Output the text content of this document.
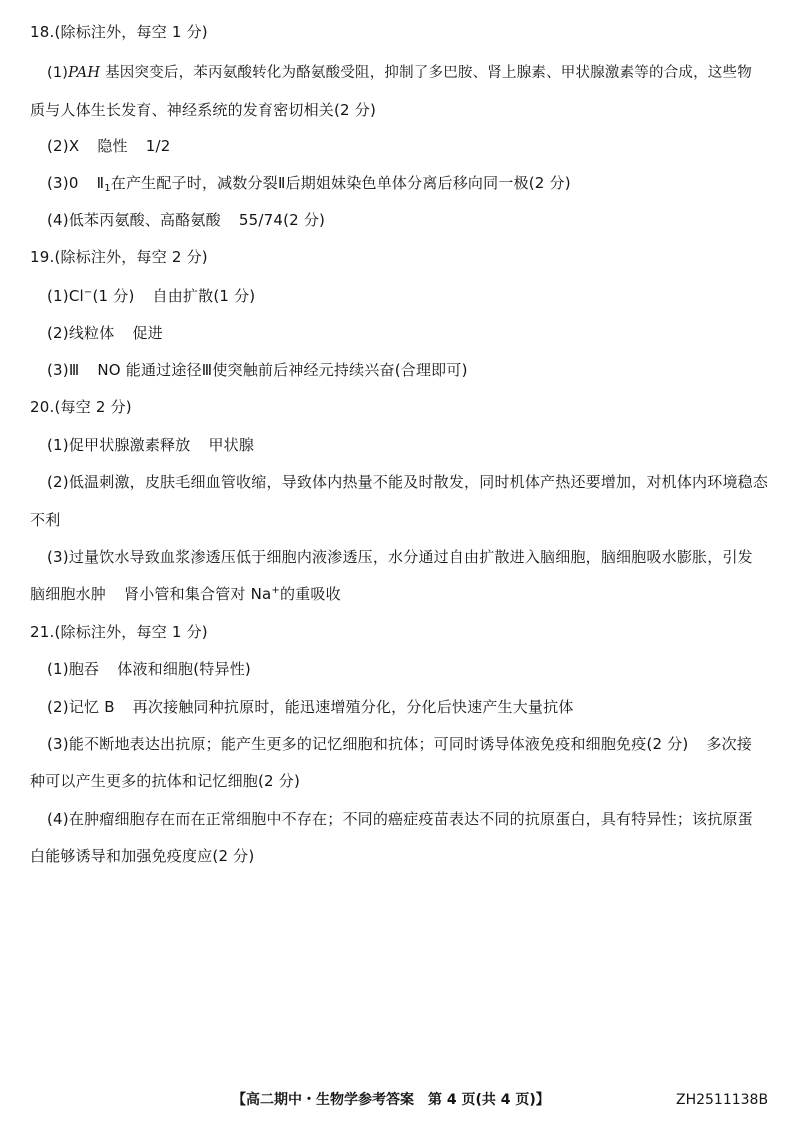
18.(除标注外，每空 1 分)
(1)PAH 基因突变后，苯丙氨酸转化为酪氨酸受阻，抑制了多巴胺、肾上腺素、甲状腺激素等的合成，这些物
质与人体生长发育、神经系统的发育密切相关(2 分)
(2)X 隐性 1/2
(3)0 $Ⅱ_1$在产生配子时，减数分裂Ⅱ后期姐妹染色单体分离后移向同一极(2 分)
(4)低苯丙氨酸、高酪氨酸 55/74(2 分)
19.(除标注外，每空 2 分)
(1)Cl−(1 分) 自由扩散(1 分)
(2)线粒体 促进
(3)Ⅲ NO 能通过途径Ⅲ使突触前后神经元持续兴奋(合理即可)
20.(每空 2 分)
(1)促甲状腺激素释放 甲状腺
(2)低温刺激，皮肤毛细血管收缩，导致体内热量不能及时散发，同时机体产热还要增加，对机体内环境稳态
不利
(3)过量饮水导致血浆渗透压低于细胞内液渗透压，水分通过自由扩散进入脑细胞，脑细胞吸水膨胀，引发
脑细胞水肿 肾小管和集合管对 Na+的重吸收
21.(除标注外，每空 1 分)
(1)胞吞 体液和细胞(特异性)
(2)记忆 B 再次接触同种抗原时，能迅速增殖分化，分化后快速产生大量抗体
(3)能不断地表达出抗原；能产生更多的记忆细胞和抗体；可同时诱导体液免疫和细胞免疫(2 分) 多次接
种可以产生更多的抗体和记忆细胞(2 分)
(4)在肿瘤细胞存在而在正常细胞中不存在；不同的癌症疫苗表达不同的抗原蛋白，具有特异性；该抗原蛋
白能够诱导和加强免疫度应(2 分)
【高二期中・生物学参考答案　第 4 页(共 4 页)】	ZH2511138B
